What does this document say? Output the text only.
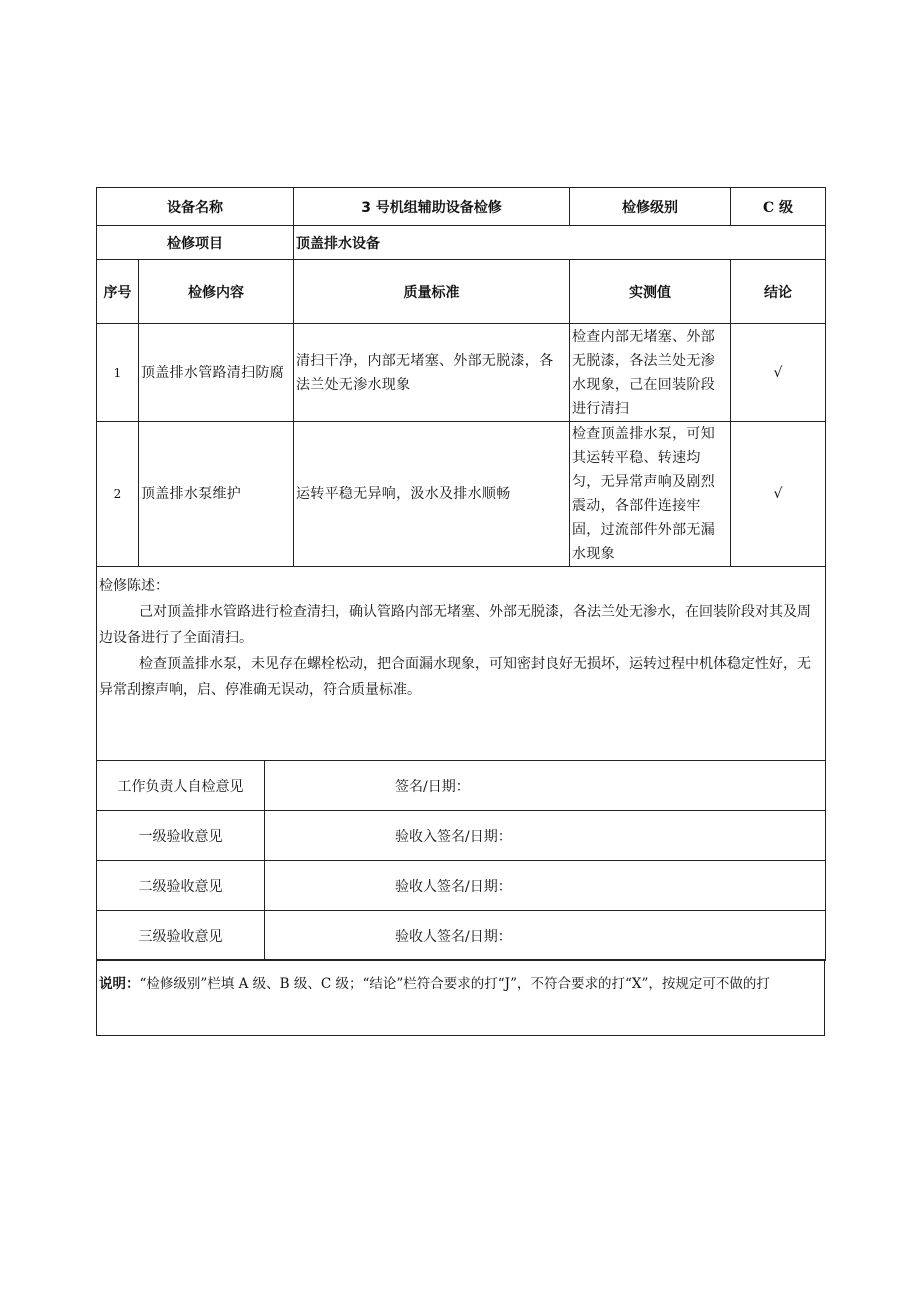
设备名称		3 号机组辅助设备检修	检修级别	C 级
检修项目		顶盖排水设备		
序号	检修内容	质量标准	实测值	结论
1	顶盖排水管路清扫防腐	清扫干净，内部无堵塞、外部无脱漆，各法兰处无渗水现象	检查内部无堵塞、外部无脱漆，各法兰处无渗水现象，己在回装阶段进行清扫	√
2	顶盖排水泵维护	运转平稳无异响，汲水及排水顺畅	检查顶盖排水泵，可知其运转平稳、转速均匀，无异常声响及剧烈震动，各部件连接牢固，过流部件外部无漏水现象	√

检修陈述：

己对顶盖排水管路进行检查清扫，确认管路内部无堵塞、外部无脱漆，各法兰处无渗水，在回装阶段对其及周边设备进行了全面清扫。

检查顶盖排水泵，未见存在螺栓松动，把合面漏水现象，可知密封良好无损坏，运转过程中机体稳定性好，无异常刮擦声响，启、停准确无误动，符合质量标准。				

工作负责人自检意见	签名/日期：
一级验收意见	验收入签名/日期：
二级验收意见	验收人签名/日期：
三级验收意见	验收人签名/日期：
说明：“检修级别”栏填 A 级、B 级、C 级；“结论”栏符合要求的打“J”，不符合要求的打“X”，按规定可不做的打
